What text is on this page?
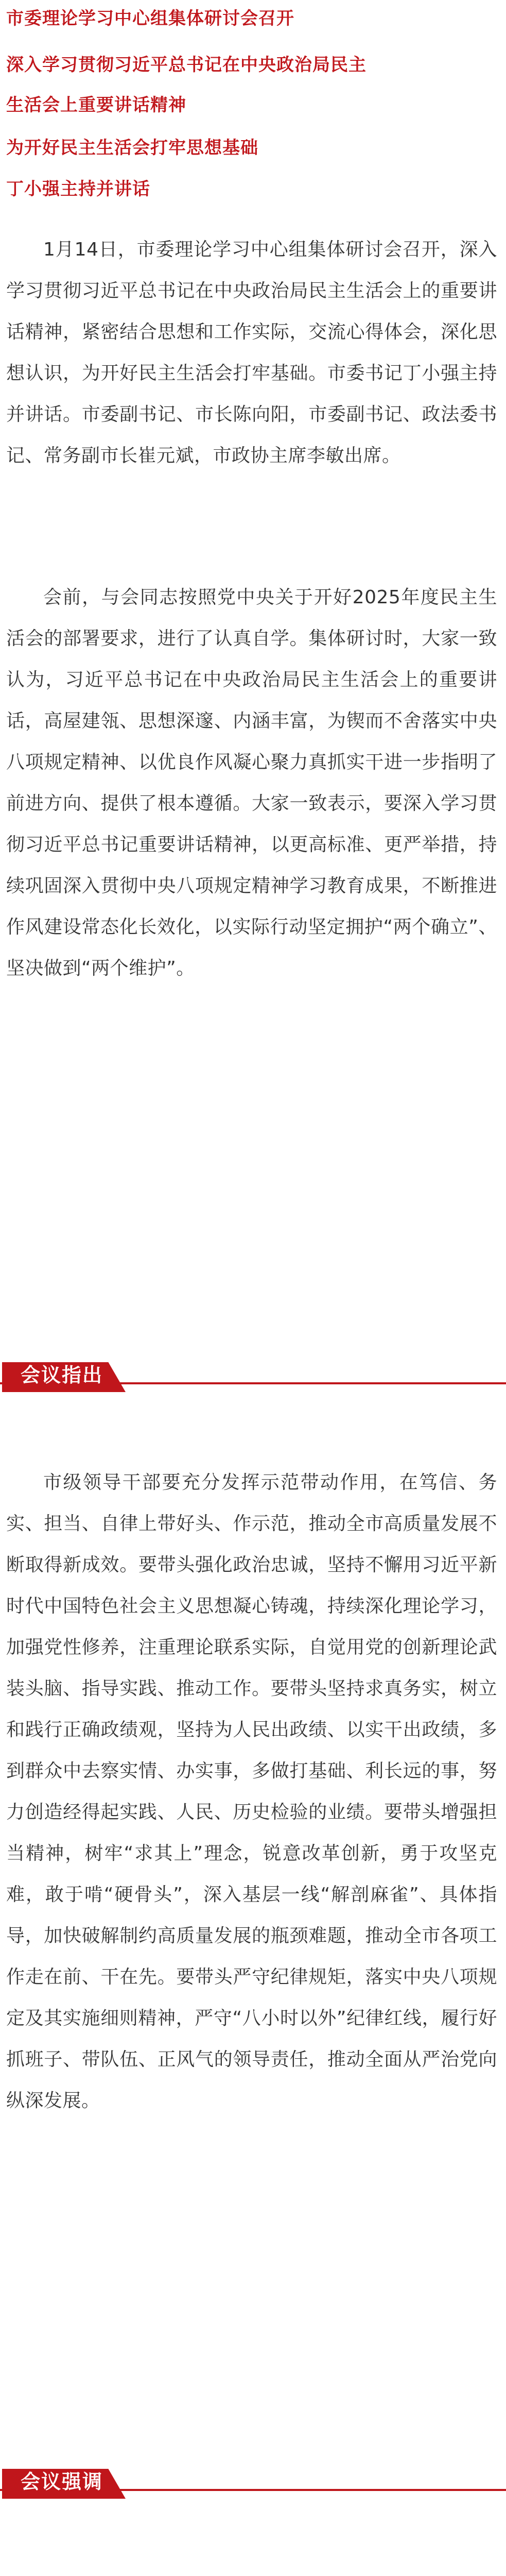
市委理论学习中心组集体研讨会召开
深入学习贯彻习近平总书记在中央政治局民主
生活会上重要讲话精神
为开好民主生活会打牢思想基础
丁小强主持并讲话

1月14日，市委理论学习中心组集体研讨会召开，深入学习贯彻习近平总书记在中央政治局民主生活会上的重要讲话精神，紧密结合思想和工作实际，交流心得体会，深化思想认识，为开好民主生活会打牢基础。市委书记丁小强主持并讲话。市委副书记、市长陈向阳，市委副书记、政法委书记、常务副市长崔元斌，市政协主席李敏出席。

会前，与会同志按照党中央关于开好2025年度民主生活会的部署要求，进行了认真自学。集体研讨时，大家一致认为，习近平总书记在中央政治局民主生活会上的重要讲话，高屋建瓴、思想深邃、内涵丰富，为锲而不舍落实中央八项规定精神、以优良作风凝心聚力真抓实干进一步指明了前进方向、提供了根本遵循。大家一致表示，要深入学习贯彻习近平总书记重要讲话精神，以更高标准、更严举措，持续巩固深入贯彻中央八项规定精神学习教育成果，不断推进作风建设常态化长效化，以实际行动坚定拥护“两个确立”、坚决做到“两个维护”。

会议指出

市级领导干部要充分发挥示范带动作用，在笃信、务实、担当、自律上带好头、作示范，推动全市高质量发展不断取得新成效。要带头强化政治忠诚，坚持不懈用习近平新时代中国特色社会主义思想凝心铸魂，持续深化理论学习，加强党性修养，注重理论联系实际，自觉用党的创新理论武装头脑、指导实践、推动工作。要带头坚持求真务实，树立和践行正确政绩观，坚持为人民出政绩、以实干出政绩，多到群众中去察实情、办实事，多做打基础、利长远的事，努力创造经得起实践、人民、历史检验的业绩。要带头增强担当精神，树牢“求其上”理念，锐意改革创新，勇于攻坚克难，敢于啃“硬骨头”，深入基层一线“解剖麻雀”、具体指导，加快破解制约高质量发展的瓶颈难题，推动全市各项工作走在前、干在先。要带头严守纪律规矩，落实中央八项规定及其实施细则精神，严守“八小时以外”纪律红线，履行好抓班子、带队伍、正风气的领导责任，推动全面从严治党向纵深发展。

会议强调
